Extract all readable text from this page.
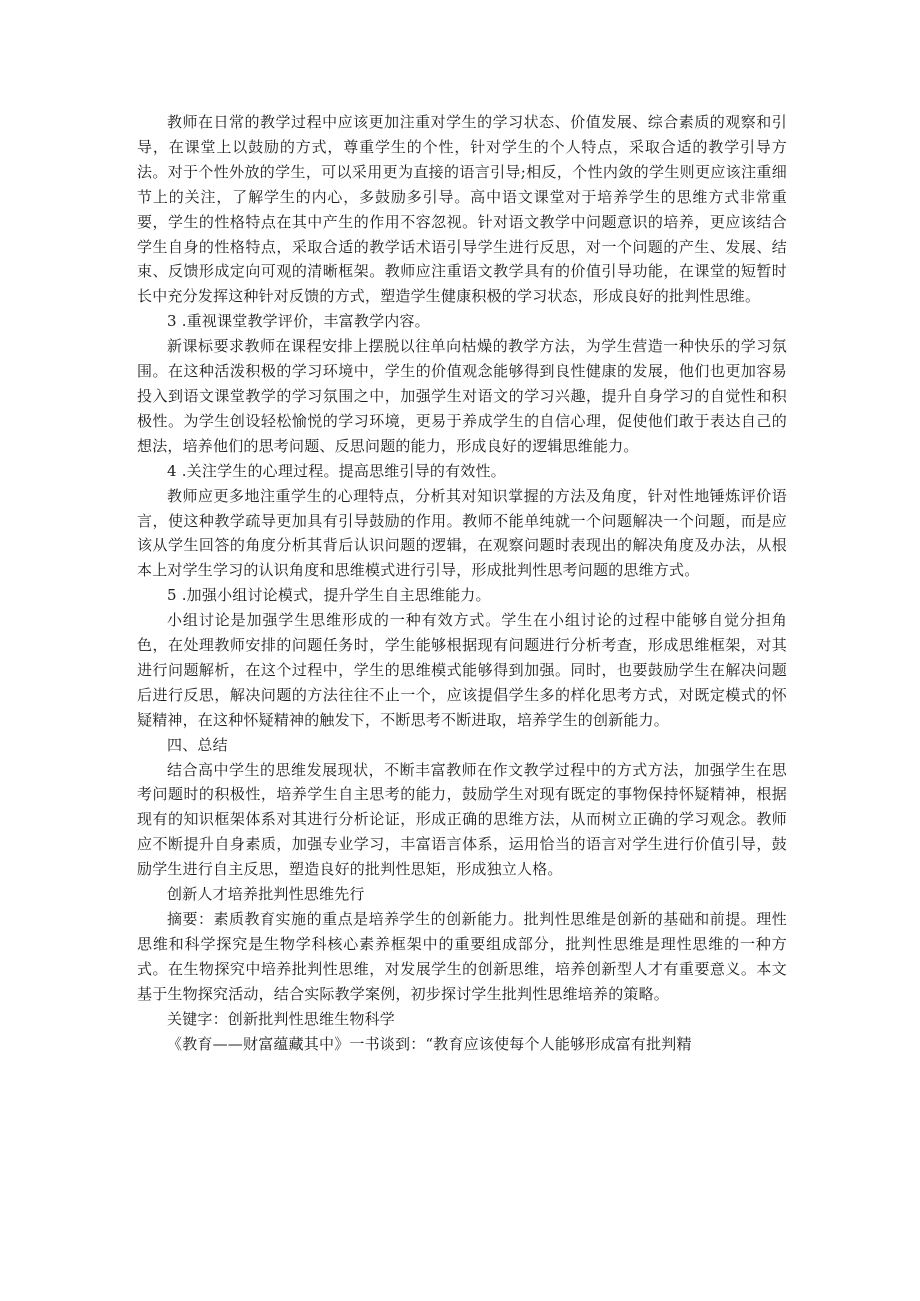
教师在日常的教学过程中应该更加注重对学生的学习状态、价值发展、综合素质的观察和引导，在课堂上以鼓励的方式，尊重学生的个性，针对学生的个人特点，采取合适的教学引导方法。对于个性外放的学生，可以采用更为直接的语言引导;相反，个性内敛的学生则更应该注重细节上的关注，了解学生的内心，多鼓励多引导。高中语文课堂对于培养学生的思维方式非常重要，学生的性格特点在其中产生的作用不容忽视。针对语文教学中问题意识的培养，更应该结合学生自身的性格特点，采取合适的教学话术语引导学生进行反思，对一个问题的产生、发展、结束、反馈形成定向可观的清晰框架。教师应注重语文教学具有的价值引导功能，在课堂的短暂时长中充分发挥这种针对反馈的方式，塑造学生健康积极的学习状态，形成良好的批判性思维。

3 .重视课堂教学评价，丰富教学内容。

新课标要求教师在课程安排上摆脱以往单向枯燥的教学方法，为学生营造一种快乐的学习氛围。在这种活泼积极的学习环境中，学生的价值观念能够得到良性健康的发展，他们也更加容易投入到语文课堂教学的学习氛围之中，加强学生对语文的学习兴趣，提升自身学习的自觉性和积极性。为学生创设轻松愉悦的学习环境，更易于养成学生的自信心理，促使他们敢于表达自己的想法，培养他们的思考问题、反思问题的能力，形成良好的逻辑思维能力。

4 .关注学生的心理过程。提高思维引导的有效性。

教师应更多地注重学生的心理特点，分析其对知识掌握的方法及角度，针对性地锤炼评价语言，使这种教学疏导更加具有引导鼓励的作用。教师不能单纯就一个问题解决一个问题，而是应该从学生回答的角度分析其背后认识问题的逻辑，在观察问题时表现出的解决角度及办法，从根本上对学生学习的认识角度和思维模式进行引导，形成批判性思考问题的思维方式。

5 .加强小组讨论模式，提升学生自主思维能力。

小组讨论是加强学生思维形成的一种有效方式。学生在小组讨论的过程中能够自觉分担角色，在处理教师安排的问题任务时，学生能够根据现有问题进行分析考查，形成思维框架，对其进行问题解析，在这个过程中，学生的思维模式能够得到加强。同时，也要鼓励学生在解决问题后进行反思，解决问题的方法往往不止一个，应该提倡学生多的样化思考方式，对既定模式的怀疑精神，在这种怀疑精神的触发下，不断思考不断进取，培养学生的创新能力。

四、总结

结合高中学生的思维发展现状，不断丰富教师在作文教学过程中的方式方法，加强学生在思考问题时的积极性，培养学生自主思考的能力，鼓励学生对现有既定的事物保持怀疑精神，根据现有的知识框架体系对其进行分析论证，形成正确的思维方法，从而树立正确的学习观念。教师应不断提升自身素质，加强专业学习，丰富语言体系，运用恰当的语言对学生进行价值引导，鼓励学生进行自主反思，塑造良好的批判性思矩，形成独立人格。

创新人才培养批判性思维先行

摘要：素质教育实施的重点是培养学生的创新能力。批判性思维是创新的基础和前提。理性思维和科学探究是生物学科核心素养框架中的重要组成部分，批判性思维是理性思维的一种方式。在生物探究中培养批判性思维，对发展学生的创新思维，培养创新型人才有重要意义。本文基于生物探究活动，结合实际教学案例，初步探讨学生批判性思维培养的策略。

关键字：创新批判性思维生物科学

《教育——财富蕴藏其中》一书谈到：“教育应该使每个人能够形成富有批判精
